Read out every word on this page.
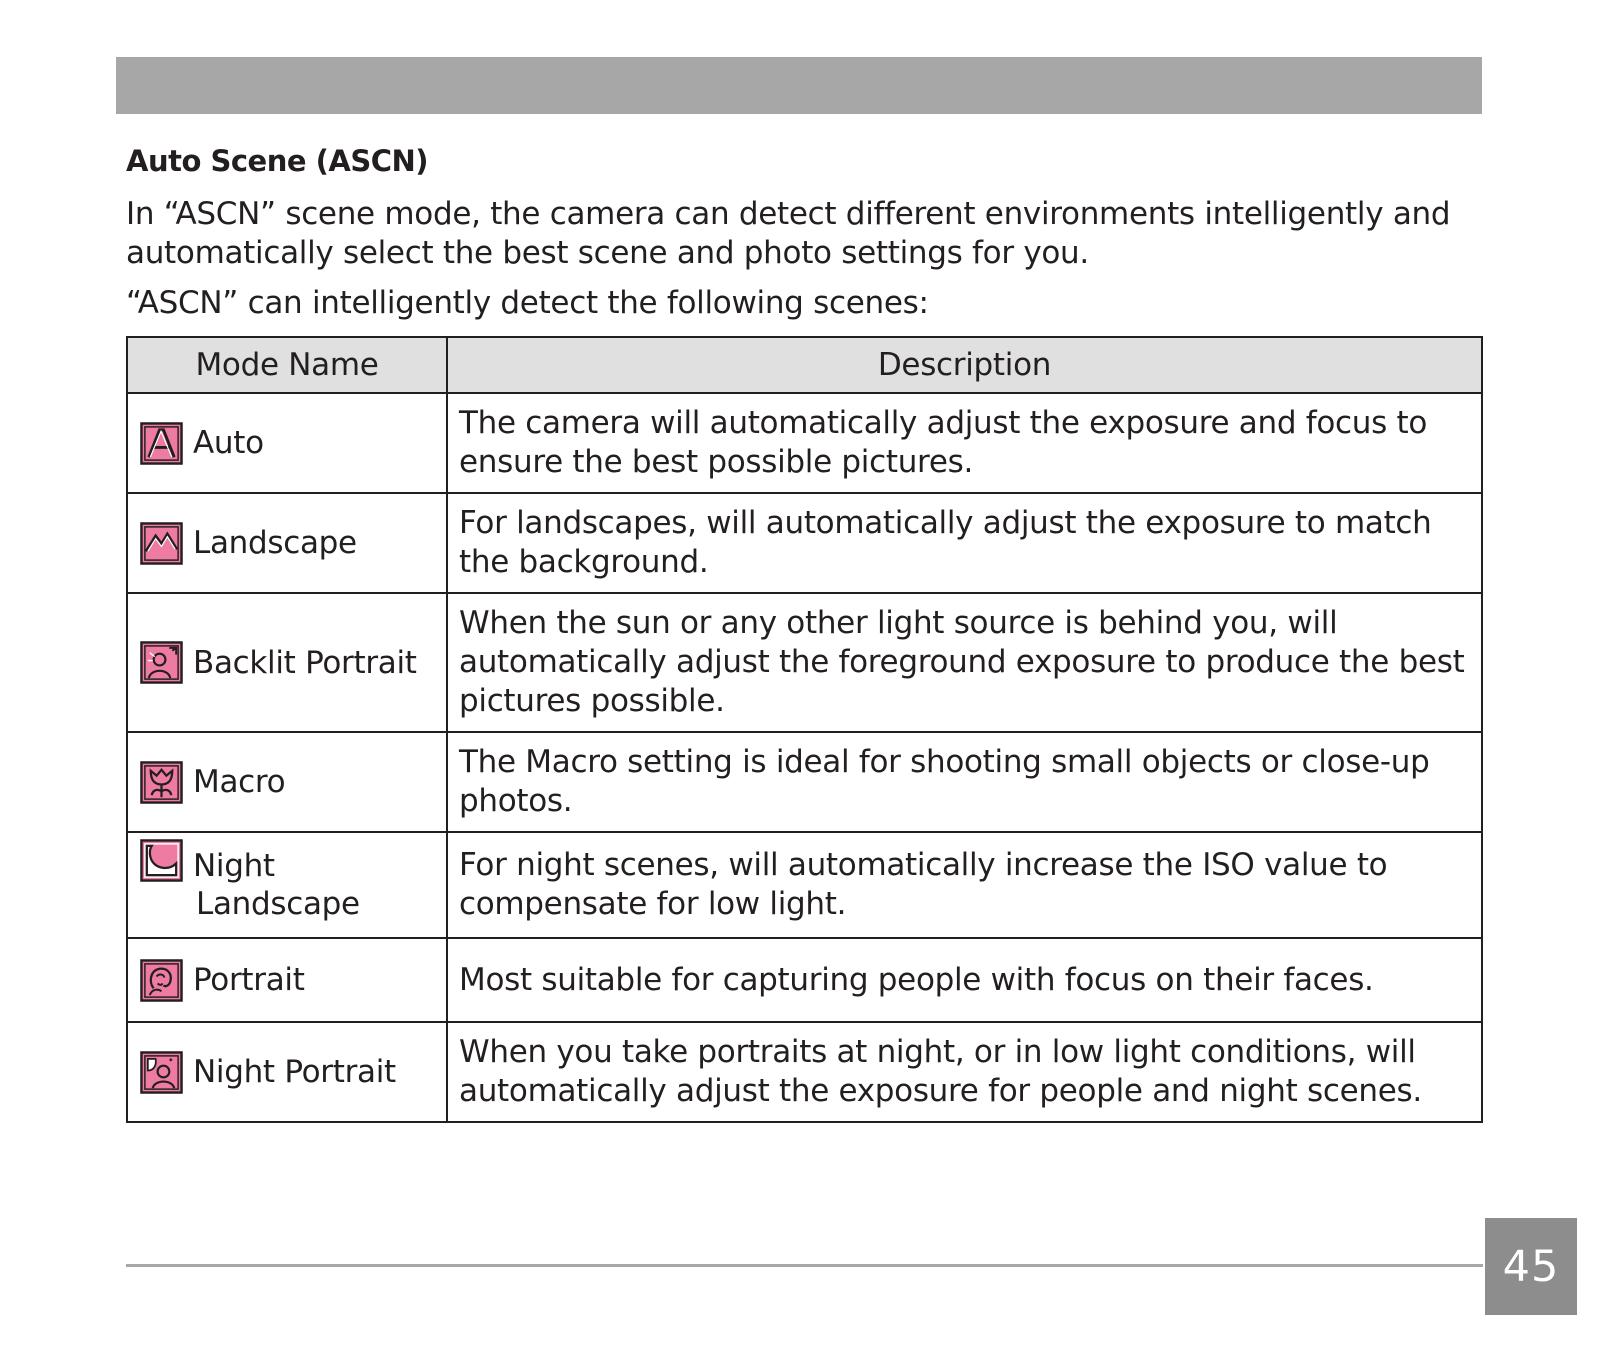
Auto Scene (ASCN)

In “ASCN” scene mode, the camera can detect different environments intelligently and automatically select the best scene and photo settings for you.

“ASCN” can intelligently detect the following scenes:

Mode Name	Description

Auto	The camera will automatically adjust the exposure and focus to ensure the best possible pictures.

Landscape	For landscapes, will automatically adjust the exposure to match the background.

Backlit Portrait	When the sun or any other light source is behind you, will automatically adjust the foreground exposure to produce the best pictures possible.

Macro	The Macro setting is ideal for shooting small objects or close-up photos.

Night
Landscape	For night scenes, will automatically increase the ISO value to compensate for low light.

Portrait	Most suitable for capturing people with focus on their faces.

Night Portrait	When you take portraits at night, or in low light conditions, will automatically adjust the exposure for people and night scenes.
45
